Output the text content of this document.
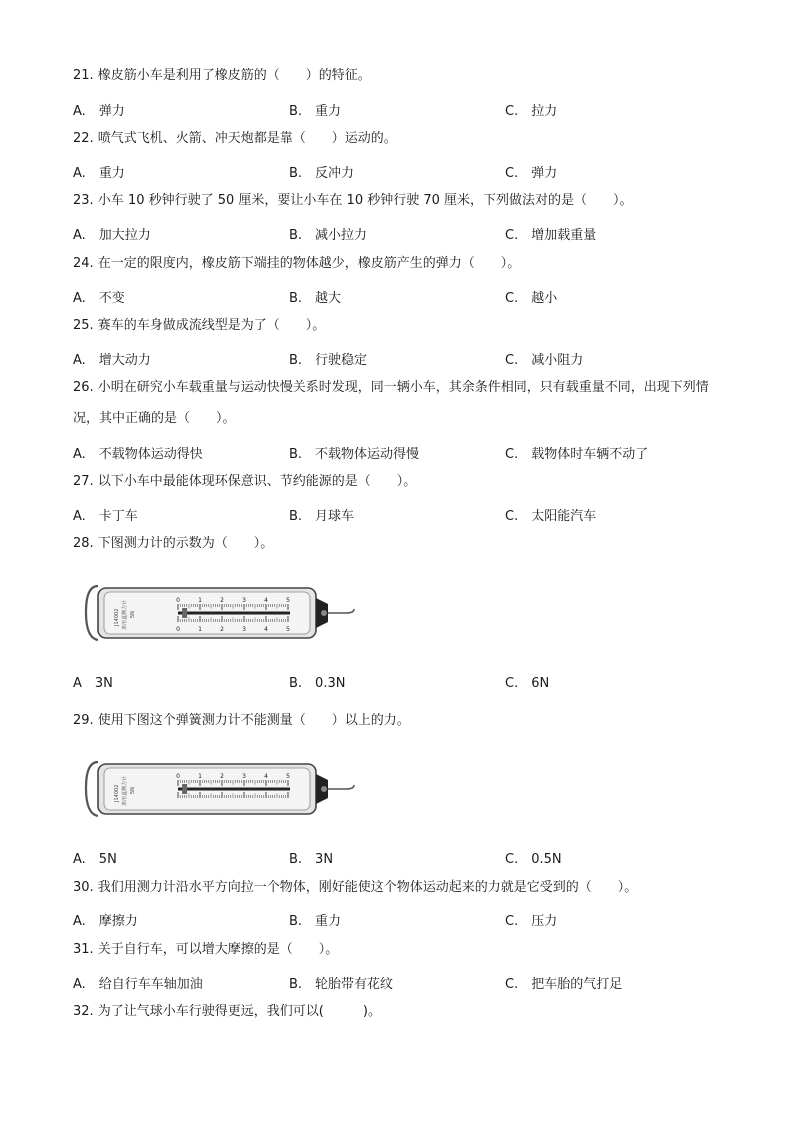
21. 橡皮筋小车是利用了橡皮筋的（　　）的特征。
A.　弹力	B.　重力	C.　拉力
22. 喷气式飞机、火箭、冲天炮都是靠（　　）运动的。
A.　重力	B.　反冲力	C.　弹力
23. 小车 10 秒钟行驶了 50 厘米，要让小车在 10 秒钟行驶 70 厘米，下列做法对的是（　　）。
A.　加大拉力	B.　减小拉力	C.　增加载重量
24. 在一定的限度内，橡皮筋下端挂的物体越少，橡皮筋产生的弹力（　　）。
A.　不变	B.　越大	C.　越小
25. 赛车的车身做成流线型是为了（　　）。
A.　增大动力	B.　行驶稳定	C.　减小阻力
26. 小明在研究小车载重量与运动快慢关系时发现，同一辆小车，其余条件相同，只有载重量不同，出现下列情况，其中正确的是（　　）。
A.　不载物体运动得快	B.　不载物体运动得慢	C.　载物体时车辆不动了
27. 以下小车中最能体现环保意识、节约能源的是（　　）。
A.　卡丁车	B.　月球车	C.　太阳能汽车
28. 下图测力计的示数为（　　）。
J14002 条形盒测力计 5N
0	1	2	3	4	5
0	1	2	3	4	5
A　3N	B.　0.3N	C.　6N
29. 使用下图这个弹簧测力计不能测量（　　）以上的力。
J14002 条形盒测力计 5N
0	1	2	3	4	5
A.　5N	B.　3N	C.　0.5N
30. 我们用测力计沿水平方向拉一个物体，刚好能使这个物体运动起来的力就是它受到的（　　）。
A.　摩擦力	B.　重力	C.　压力
31. 关于自行车，可以增大摩擦的是（　　）。
A.　给自行车车轴加油	B.　轮胎带有花纹	C.　把车胎的气打足
32. 为了让气球小车行驶得更远，我们可以(　　　)。
